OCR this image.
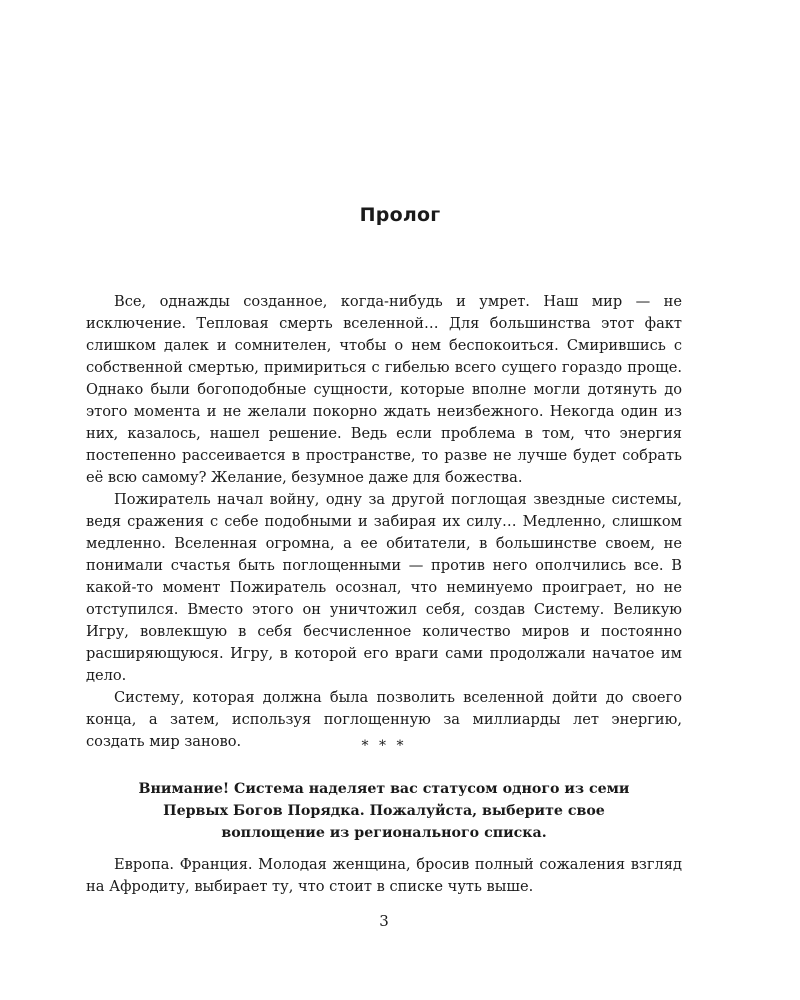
Пролог

Все, однажды созданное, когда-нибудь и умрет. Наш мир — не исключение. Тепловая смерть вселенной… Для большинства этот факт слишком далек и сомнителен, чтобы о нем беспокоиться. Смирившись с собственной смертью, примириться с гибелью всего сущего гораздо проще. Однако были богоподобные сущности, которые вполне могли дотянуть до этого момента и не желали покорно ждать неизбежного. Некогда один из них, казалось, нашел решение. Ведь если проблема в том, что энергия постепенно рассеивается в пространстве, то разве не лучше будет собрать её всю самому? Желание, безумное даже для божества.

Пожиратель начал войну, одну за другой поглощая звездные системы, ведя сражения с себе подобными и забирая их силу… Медленно, слишком медленно. Вселенная огромна, а ее обитатели, в большинстве своем, не понимали счастья быть поглощенными — против него ополчились все. В какой-то момент Пожиратель осознал, что неминуемо проиграет, но не отступился. Вместо этого он уничтожил себя, создав Систему. Великую Игру, вовлекшую в себя бесчисленное количество миров и постоянно расширяющуюся. Игру, в которой его враги сами продолжали начатое им дело.

Систему, которая должна была позволить вселенной дойти до своего конца, а затем, используя поглощенную за миллиарды лет энергию, создать мир заново.	* * *
Внимание! Система наделяет вас статусом одного из семи
Первых Богов Порядка. Пожалуйста, выберите свое
воплощение из регионального списка.

Европа. Франция. Молодая женщина, бросив полный сожаления взгляд на Афродиту, выбирает ту, что стоит в списке чуть выше.

3
